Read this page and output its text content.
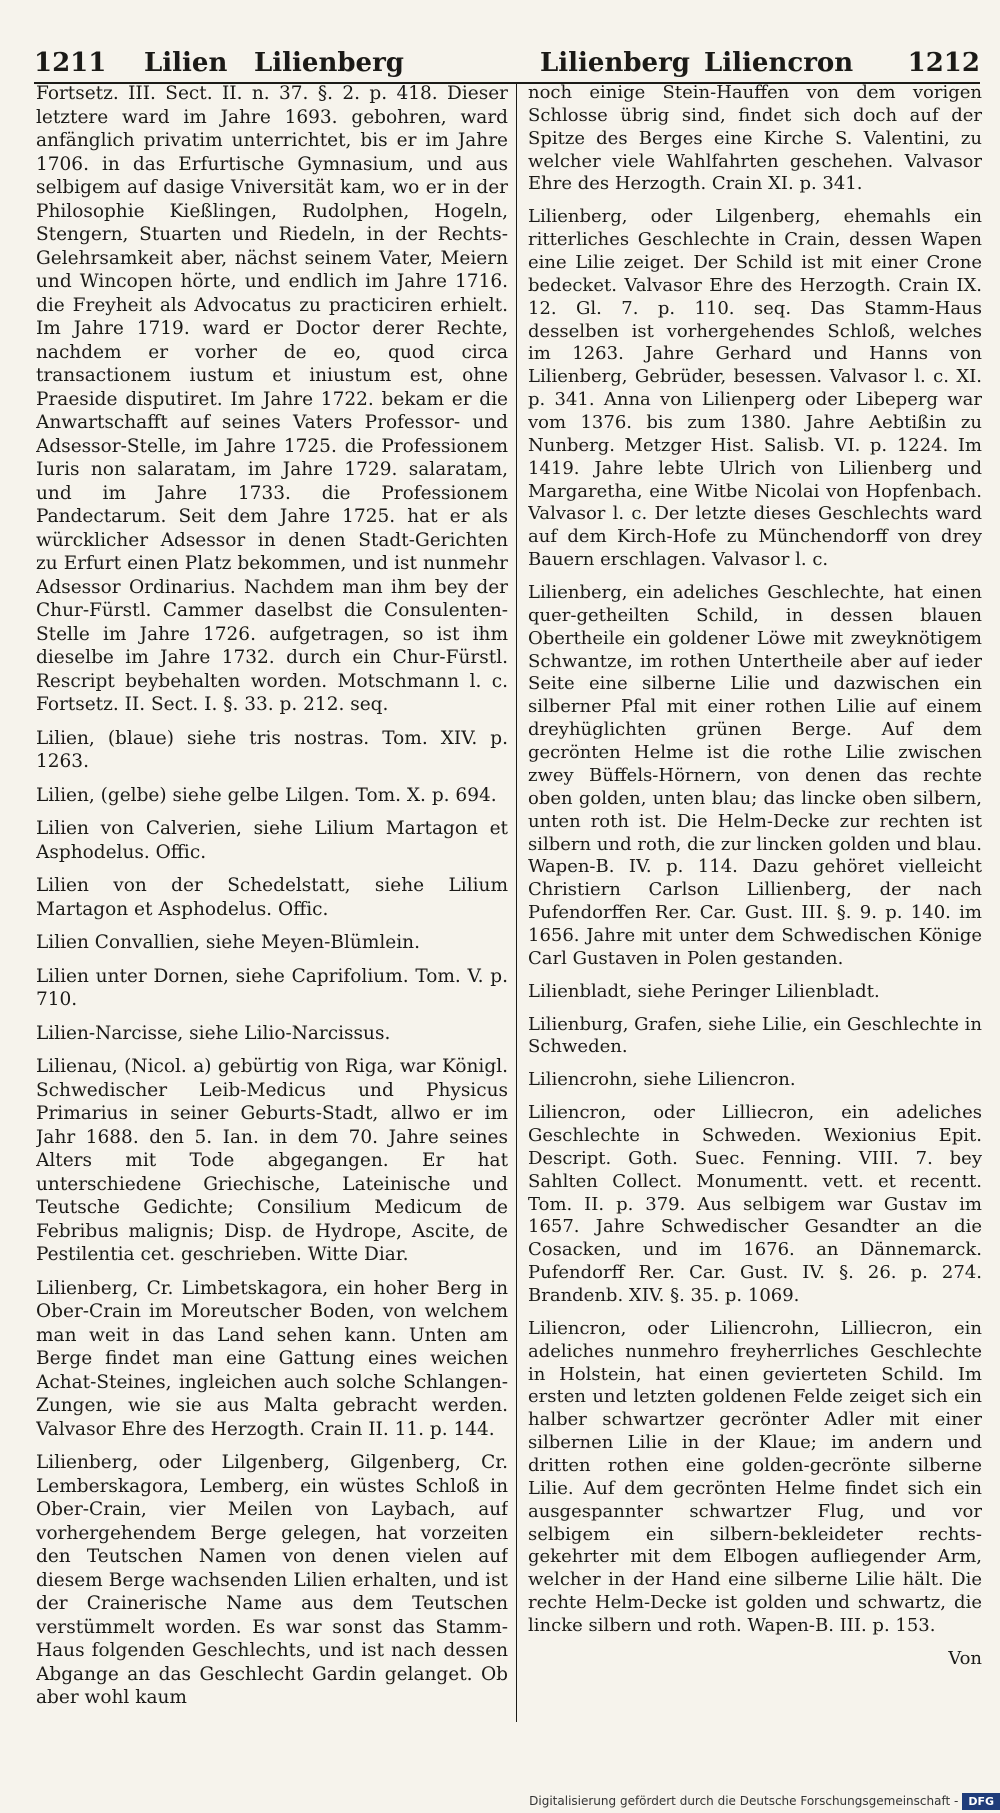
1211 Lilien Lilienberg	Lilienberg Liliencron 1212

Fortsetz. III. Sect. II. n. 37. §. 2. p. 418. Dieser letztere ward im Jahre 1693. gebohren, ward anfänglich privatim unterrichtet, bis er im Jahre 1706. in das Erfurtische Gymnasium, und aus selbigem auf dasige Vniversität kam, wo er in der Philosophie Kießlingen, Rudolphen, Hogeln, Stengern, Stuarten und Riedeln, in der Rechts-Gelehrsamkeit aber, nächst seinem Vater, Meiern und Wincopen hörte, und endlich im Jahre 1716. die Freyheit als Advocatus zu practiciren erhielt. Im Jahre 1719. ward er Doctor derer Rechte, nachdem er vorher de eo, quod circa transactionem iustum et iniustum est, ohne Praeside disputiret. Im Jahre 1722. bekam er die Anwartschafft auf seines Vaters Professor- und Adsessor-Stelle, im Jahre 1725. die Professionem Iuris non salaratam, im Jahre 1729. salaratam, und im Jahre 1733. die Professionem Pandectarum. Seit dem Jahre 1725. hat er als würcklicher Adsessor in denen Stadt-Gerichten zu Erfurt einen Platz bekommen, und ist nunmehr Adsessor Ordinarius. Nachdem man ihm bey der Chur-Fürstl. Cammer daselbst die Consulenten-Stelle im Jahre 1726. aufgetragen, so ist ihm dieselbe im Jahre 1732. durch ein Chur-Fürstl. Rescript beybehalten worden. Motschmann l. c. Fortsetz. II. Sect. I. §. 33. p. 212. seq.

Lilien, (blaue) siehe tris nostras. Tom. XIV. p. 1263.

Lilien, (gelbe) siehe gelbe Lilgen. Tom. X. p. 694.

Lilien von Calverien, siehe Lilium Martagon et Asphodelus. Offic.

Lilien von der Schedelstatt, siehe Lilium Martagon et Asphodelus. Offic.

Lilien Convallien, siehe Meyen-Blümlein.

Lilien unter Dornen, siehe Caprifolium. Tom. V. p. 710.

Lilien-Narcisse, siehe Lilio-Narcissus.

Lilienau, (Nicol. a) gebürtig von Riga, war Königl. Schwedischer Leib-Medicus und Physicus Primarius in seiner Geburts-Stadt, allwo er im Jahr 1688. den 5. Ian. in dem 70. Jahre seines Alters mit Tode abgegangen. Er hat unterschiedene Griechische, Lateinische und Teutsche Gedichte; Consilium Medicum de Febribus malignis; Disp. de Hydrope, Ascite, de Pestilentia cet. geschrieben. Witte Diar.

Lilienberg, Cr. Limbetskagora, ein hoher Berg in Ober-Crain im Moreutscher Boden, von welchem man weit in das Land sehen kann. Unten am Berge findet man eine Gattung eines weichen Achat-Steines, ingleichen auch solche Schlangen-Zungen, wie sie aus Malta gebracht werden. Valvasor Ehre des Herzogth. Crain II. 11. p. 144.

Lilienberg, oder Lilgenberg, Gilgenberg, Cr. Lemberskagora, Lemberg, ein wüstes Schloß in Ober-Crain, vier Meilen von Laybach, auf vorhergehendem Berge gelegen, hat vorzeiten den Teutschen Namen von denen vielen auf diesem Berge wachsenden Lilien erhalten, und ist der Crainerische Name aus dem Teutschen verstümmelt worden. Es war sonst das Stamm-Haus folgenden Geschlechts, und ist nach dessen Abgange an das Geschlecht Gardin gelanget. Ob aber wohl kaum

noch einige Stein-Hauffen von dem vorigen Schlosse übrig sind, findet sich doch auf der Spitze des Berges eine Kirche S. Valentini, zu welcher viele Wahlfahrten geschehen. Valvasor Ehre des Herzogth. Crain XI. p. 341.

Lilienberg, oder Lilgenberg, ehemahls ein ritterliches Geschlechte in Crain, dessen Wapen eine Lilie zeiget. Der Schild ist mit einer Crone bedecket. Valvasor Ehre des Herzogth. Crain IX. 12. Gl. 7. p. 110. seq. Das Stamm-Haus desselben ist vorhergehendes Schloß, welches im 1263. Jahre Gerhard und Hanns von Lilienberg, Gebrüder, besessen. Valvasor l. c. XI. p. 341. Anna von Lilienperg oder Libeperg war vom 1376. bis zum 1380. Jahre Aebtißin zu Nunberg. Metzger Hist. Salisb. VI. p. 1224. Im 1419. Jahre lebte Ulrich von Lilienberg und Margaretha, eine Witbe Nicolai von Hopfenbach. Valvasor l. c. Der letzte dieses Geschlechts ward auf dem Kirch-Hofe zu Münchendorff von drey Bauern erschlagen. Valvasor l. c.

Lilienberg, ein adeliches Geschlechte, hat einen quer-getheilten Schild, in dessen blauen Obertheile ein goldener Löwe mit zweyknötigem Schwantze, im rothen Untertheile aber auf ieder Seite eine silberne Lilie und dazwischen ein silberner Pfal mit einer rothen Lilie auf einem dreyhüglichten grünen Berge. Auf dem gecrönten Helme ist die rothe Lilie zwischen zwey Büffels-Hörnern, von denen das rechte oben golden, unten blau; das lincke oben silbern, unten roth ist. Die Helm-Decke zur rechten ist silbern und roth, die zur lincken golden und blau. Wapen-B. IV. p. 114. Dazu gehöret vielleicht Christiern Carlson Lillienberg, der nach Pufendorffen Rer. Car. Gust. III. §. 9. p. 140. im 1656. Jahre mit unter dem Schwedischen Könige Carl Gustaven in Polen gestanden.

Lilienbladt, siehe Peringer Lilienbladt.

Lilienburg, Grafen, siehe Lilie, ein Geschlechte in Schweden.

Liliencrohn, siehe Liliencron.

Liliencron, oder Lilliecron, ein adeliches Geschlechte in Schweden. Wexionius Epit. Descript. Goth. Suec. Fenning. VIII. 7. bey Sahlten Collect. Monumentt. vett. et recentt. Tom. II. p. 379. Aus selbigem war Gustav im 1657. Jahre Schwedischer Gesandter an die Cosacken, und im 1676. an Dännemarck. Pufendorff Rer. Car. Gust. IV. §. 26. p. 274. Brandenb. XIV. §. 35. p. 1069.

Liliencron, oder Liliencrohn, Lilliecron, ein adeliches nunmehro freyherrliches Geschlechte in Holstein, hat einen gevierteten Schild. Im ersten und letzten goldenen Felde zeiget sich ein halber schwartzer gecrönter Adler mit einer silbernen Lilie in der Klaue; im andern und dritten rothen eine golden-gecrönte silberne Lilie. Auf dem gecrönten Helme findet sich ein ausgespannter schwartzer Flug, und vor selbigem ein silbern-bekleideter rechts-gekehrter mit dem Elbogen aufliegender Arm, welcher in der Hand eine silberne Lilie hält. Die rechte Helm-Decke ist golden und schwartz, die lincke silbern und roth. Wapen-B. III. p. 153.

Von

Digitalisierung gefördert durch die Deutsche Forschungsgemeinschaft - DFG
